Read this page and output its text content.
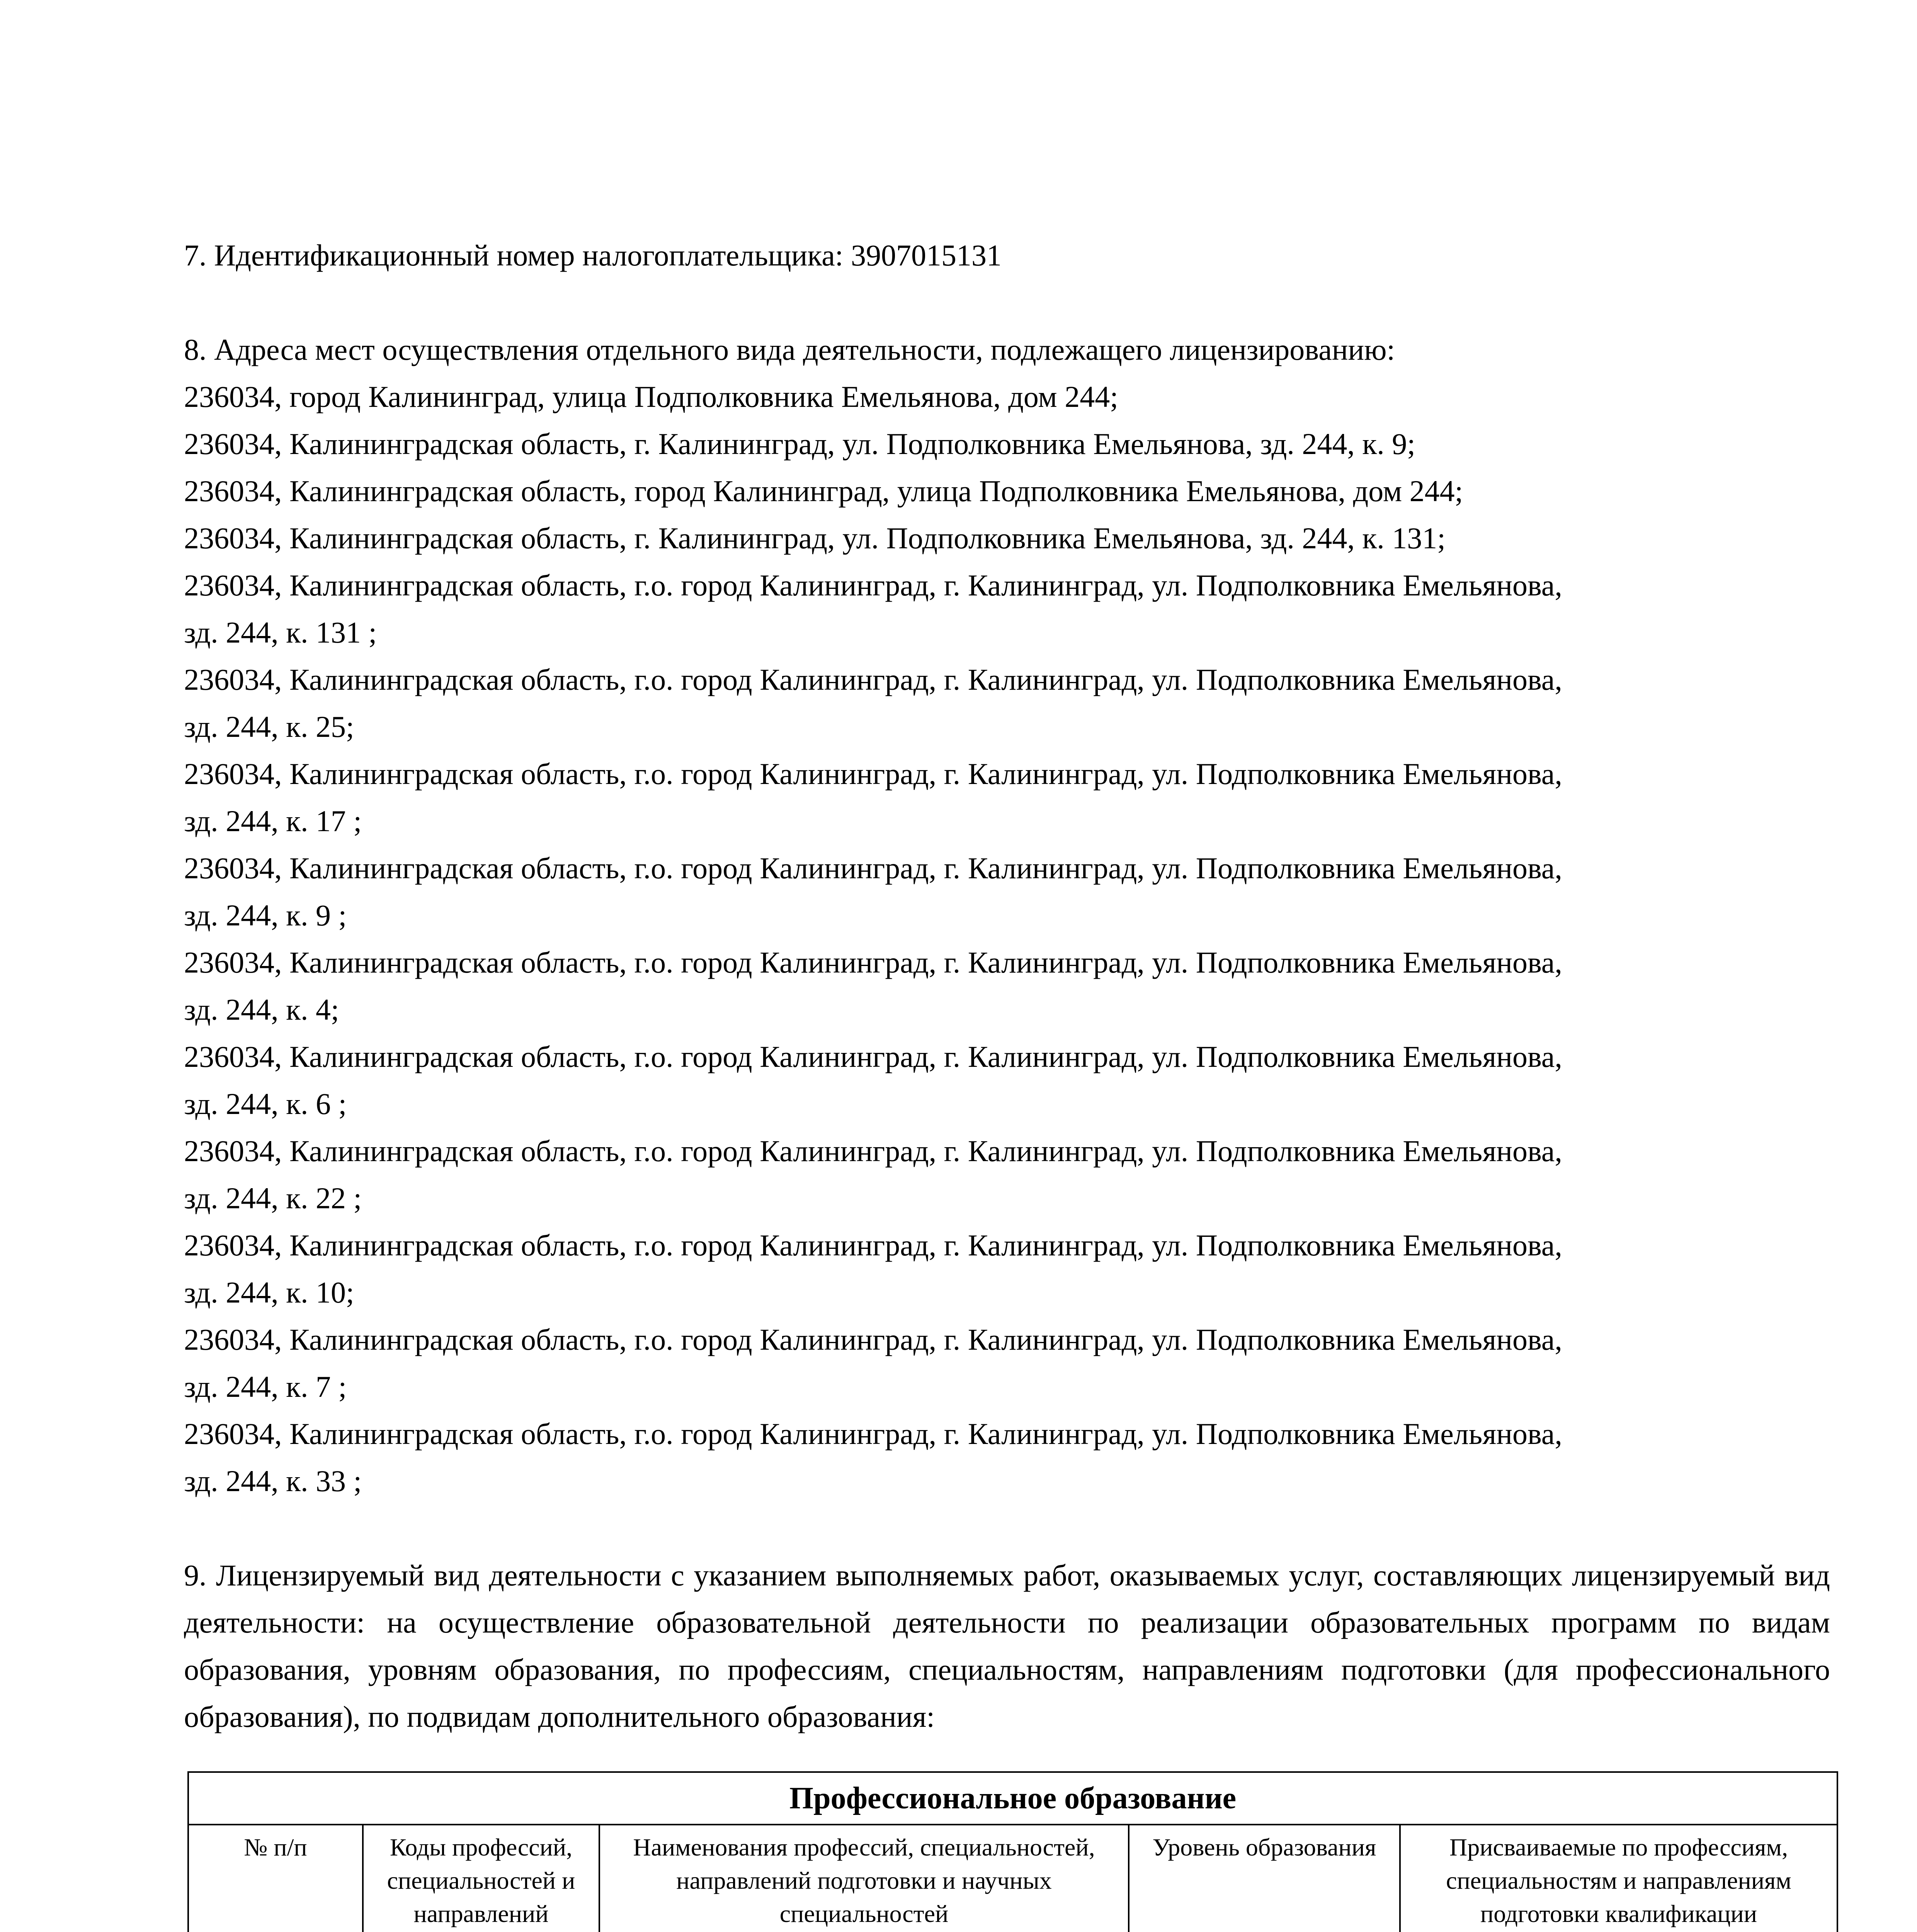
7. Идентификационный номер налогоплательщика: 3907015131

8. Адреса мест осуществления отдельного вида деятельности, подлежащего лицензированию:

236034, город Калининград, улица Подполковника Емельянова, дом 244;

236034, Калининградская область, г. Калининград, ул. Подполковника Емельянова, зд. 244, к. 9;

236034, Калининградская область, город Калининград, улица Подполковника Емельянова, дом 244;

236034, Калининградская область, г. Калининград, ул. Подполковника Емельянова, зд. 244, к. 131;

236034, Калининградская область, г.о. город Калининград, г. Калининград, ул. Подполковника Емельянова,

зд. 244, к. 131 ;

236034, Калининградская область, г.о. город Калининград, г. Калининград, ул. Подполковника Емельянова,

зд. 244, к. 25;

236034, Калининградская область, г.о. город Калининград, г. Калининград, ул. Подполковника Емельянова,

зд. 244, к. 17 ;

236034, Калининградская область, г.о. город Калининград, г. Калининград, ул. Подполковника Емельянова,

зд. 244, к. 9 ;

236034, Калининградская область, г.о. город Калининград, г. Калининград, ул. Подполковника Емельянова,

зд. 244, к. 4;

236034, Калининградская область, г.о. город Калининград, г. Калининград, ул. Подполковника Емельянова,

зд. 244, к. 6 ;

236034, Калининградская область, г.о. город Калининград, г. Калининград, ул. Подполковника Емельянова,

зд. 244, к. 22 ;

236034, Калининградская область, г.о. город Калининград, г. Калининград, ул. Подполковника Емельянова,

зд. 244, к. 10;

236034, Калининградская область, г.о. город Калининград, г. Калининград, ул. Подполковника Емельянова,

зд. 244, к. 7 ;

236034, Калининградская область, г.о. город Калининград, г. Калининград, ул. Подполковника Емельянова,

зд. 244, к. 33 ;

9. Лицензируемый вид деятельности с указанием выполняемых работ, оказываемых услуг, составляющих лицензируемый вид деятельности: на осуществление образовательной деятельности по реализации образовательных программ по видам образования, уровням образования, по профессиям, специальностям, направлениям подготовки (для профессионального образования), по подвидам дополнительного образования:

Профессиональное образование				
№ п/п	Коды профессий, специальностей и направлений	Наименования профессий, специальностей, направлений подготовки и научных специальностей	Уровень образования	Присваиваемые по профессиям, специальностям и направлениям подготовки квалификации
